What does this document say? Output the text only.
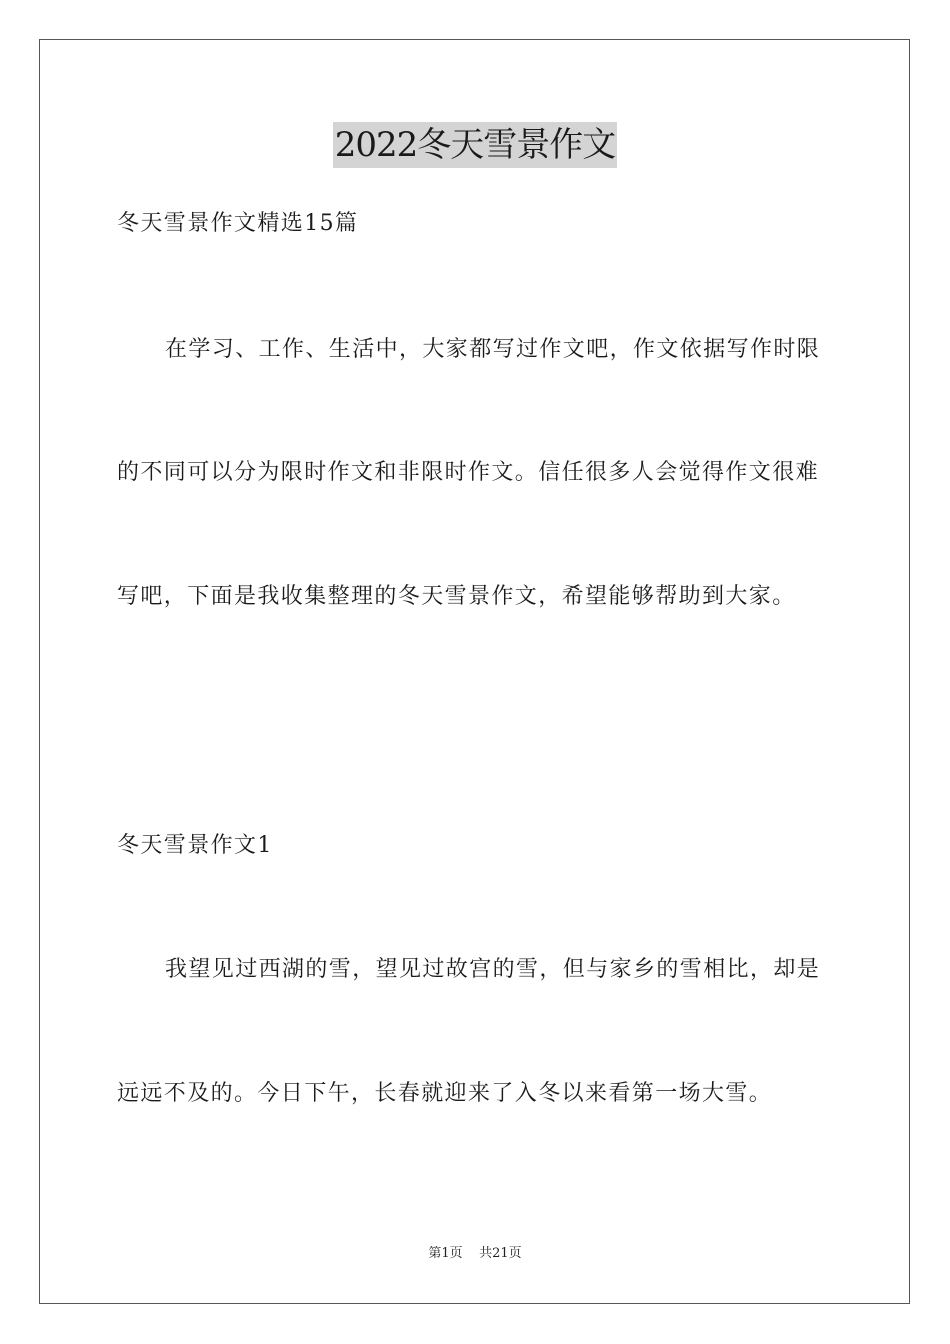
2022冬天雪景作文
冬天雪景作文精选15篇
在学习、工作、生活中，大家都写过作文吧，作文依据写作时限
的不同可以分为限时作文和非限时作文。信任很多人会觉得作文很难
写吧，下面是我收集整理的冬天雪景作文，希望能够帮助到大家。
冬天雪景作文1
我望见过西湖的雪，望见过故宫的雪，但与家乡的雪相比，却是
远远不及的。今日下午，长春就迎来了入冬以来看第一场大雪。
第1页 共21页
